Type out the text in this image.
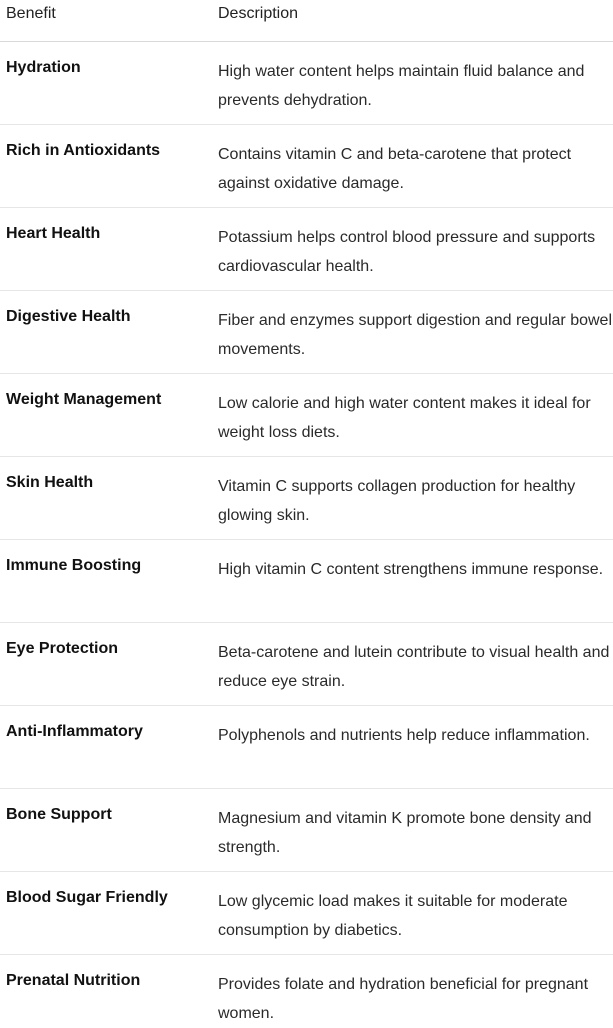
Benefit	Description
Hydration	High water content helps maintain fluid balance and prevents dehydration.
Rich in Antioxidants	Contains vitamin C and beta-carotene that protect against oxidative damage.
Heart Health	Potassium helps control blood pressure and supports cardiovascular health.
Digestive Health	Fiber and enzymes support digestion and regular bowel movements.
Weight Management	Low calorie and high water content makes it ideal for weight loss diets.
Skin Health	Vitamin C supports collagen production for healthy glowing skin.
Immune Boosting	High vitamin C content strengthens immune response.
Eye Protection	Beta-carotene and lutein contribute to visual health and reduce eye strain.
Anti-Inflammatory	Polyphenols and nutrients help reduce inflammation.
Bone Support	Magnesium and vitamin K promote bone density and strength.
Blood Sugar Friendly	Low glycemic load makes it suitable for moderate consumption by diabetics.
Prenatal Nutrition	Provides folate and hydration beneficial for pregnant women.
